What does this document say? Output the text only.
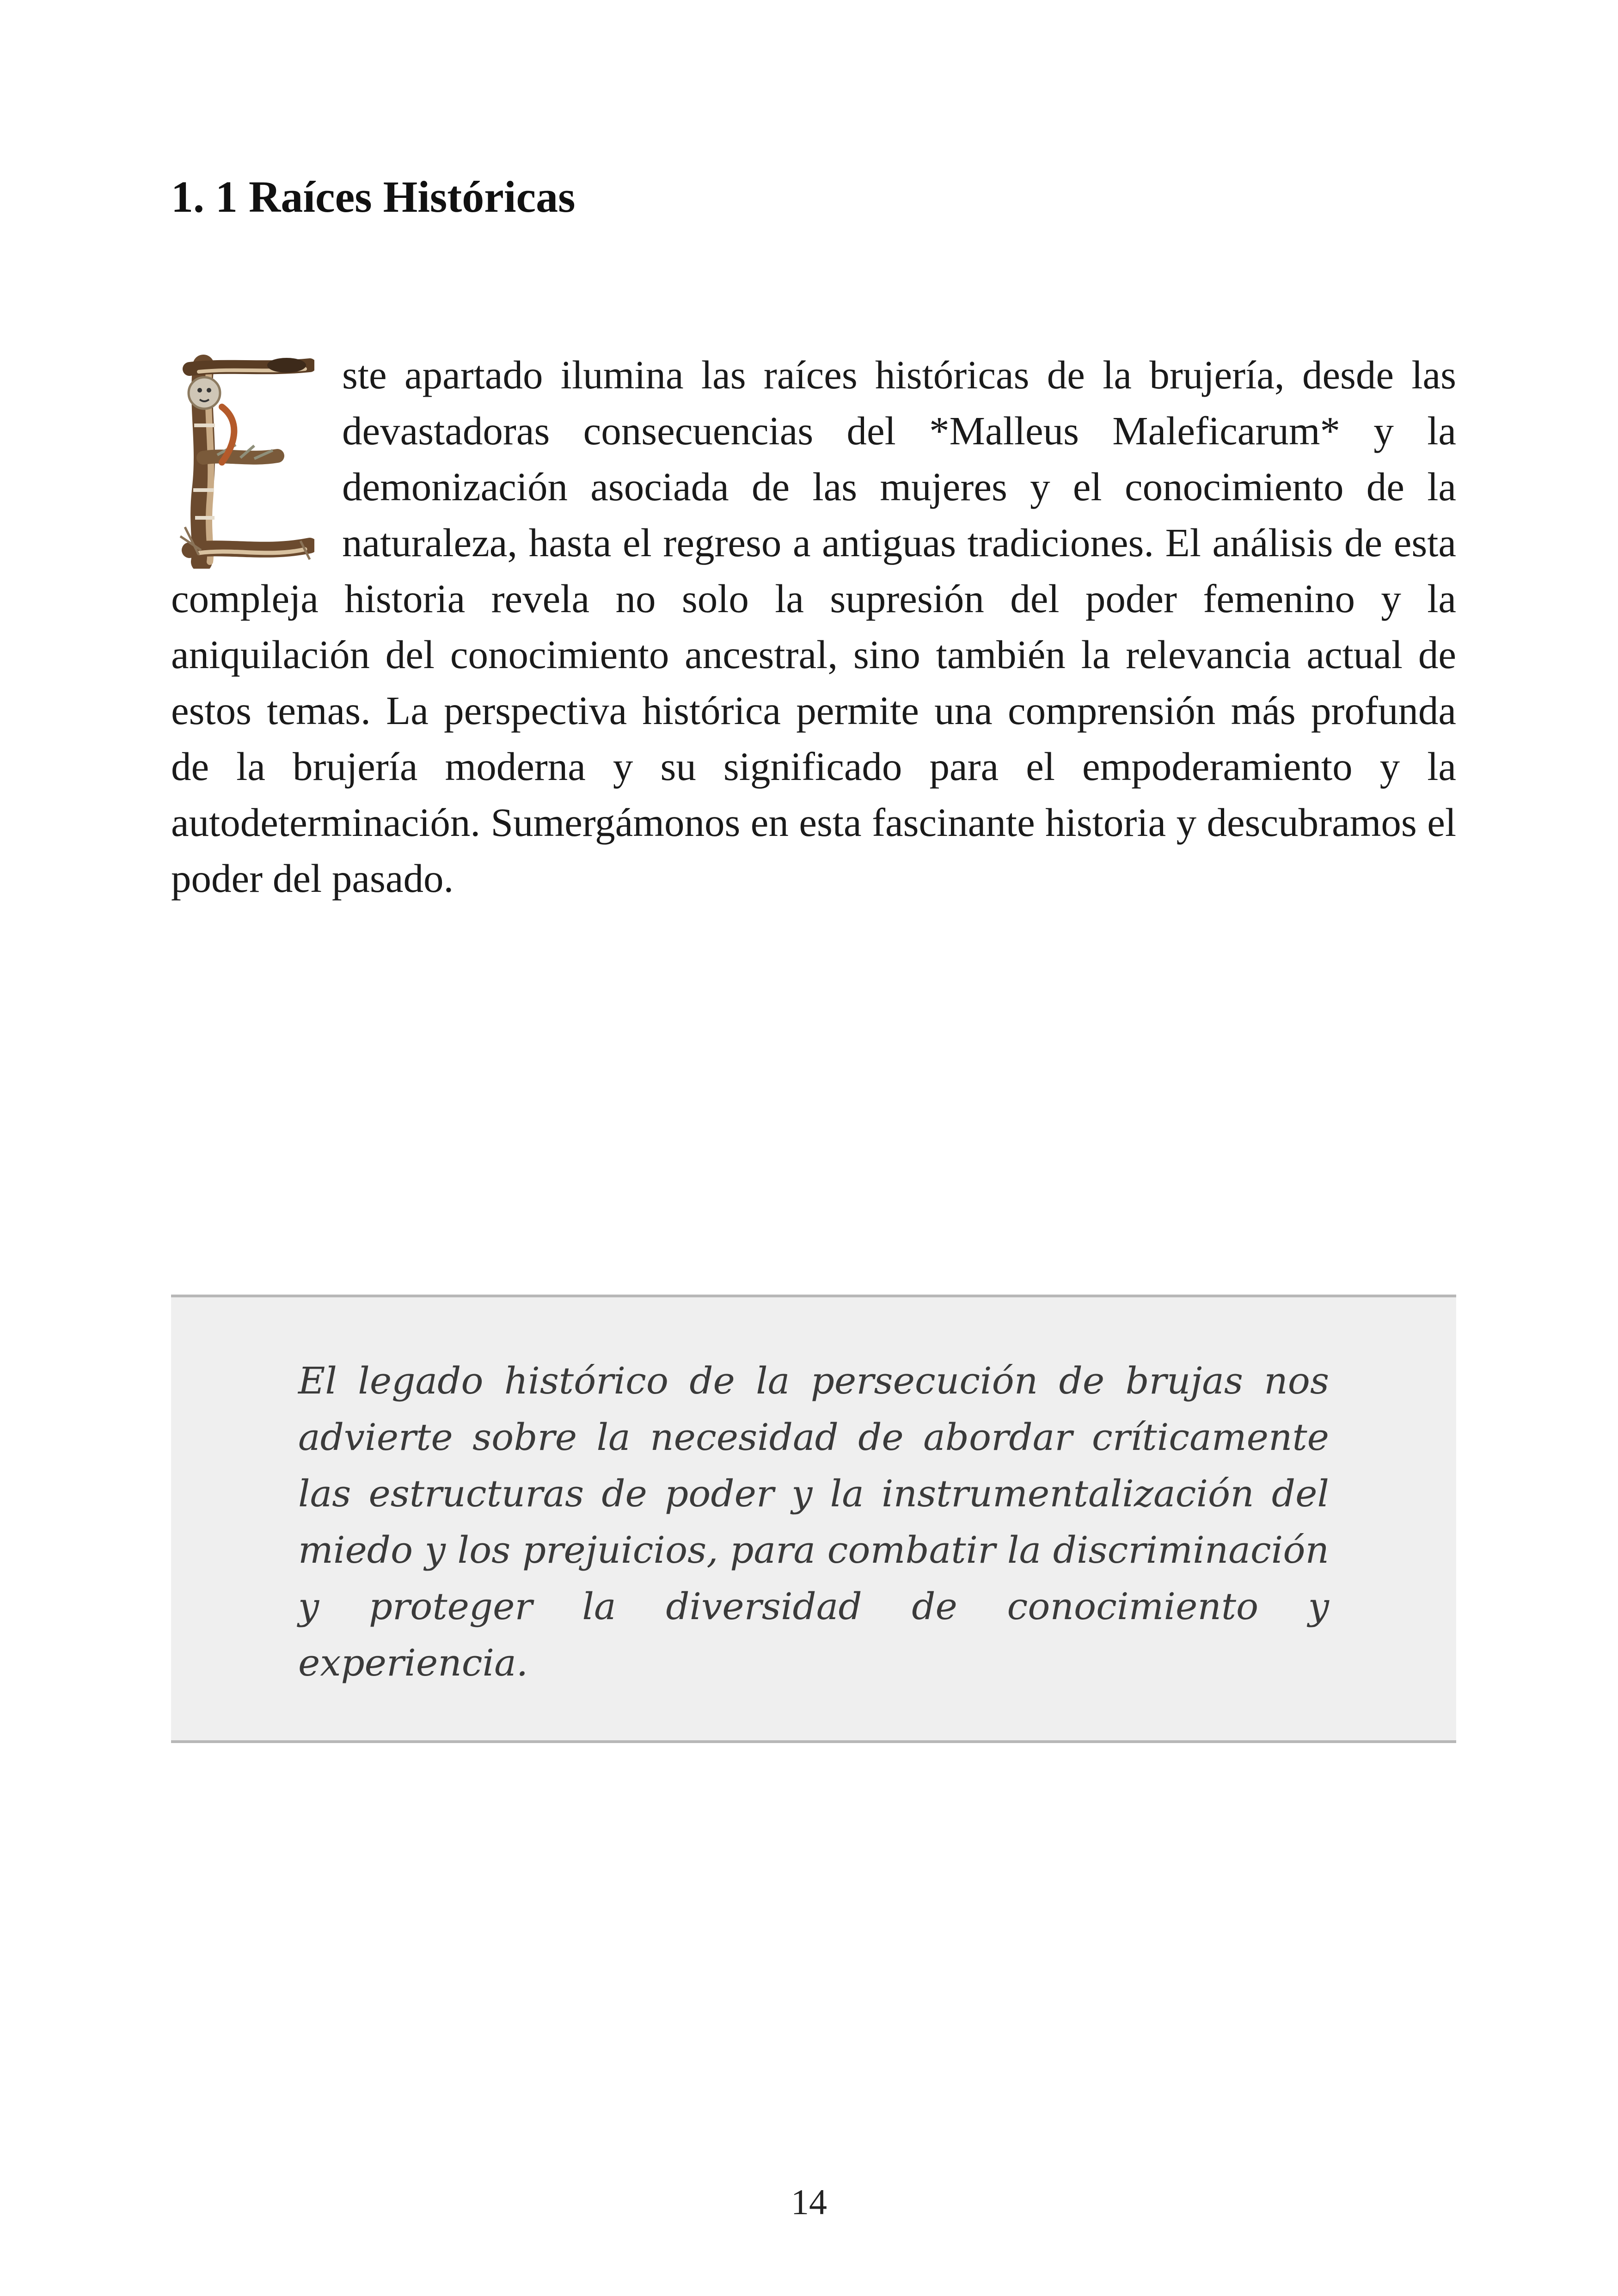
1. 1 Raíces Históricas

ste apartado ilumina las raíces históricas de la brujería, desde las devastadoras consecuencias del *Malleus Maleficarum* y la demonización asociada de las mujeres y el conocimiento de la naturaleza, hasta el regreso a antiguas tradiciones. El análisis de esta compleja historia revela no solo la supresión del poder femenino y la aniquilación del conocimiento ancestral, sino también la relevancia actual de estos temas. La perspectiva histórica permite una comprensión más profunda de la brujería moderna y su significado para el empoderamiento y la autodeterminación. Sumergámonos en esta fascinante historia y descubramos el poder del pasado.

El legado histórico de la persecución de brujas nos advierte sobre la necesidad de abordar críticamente las estructuras de poder y la instrumentalización del miedo y los prejuicios, para combatir la discriminación y proteger la diversidad de conocimiento y experiencia.

14
